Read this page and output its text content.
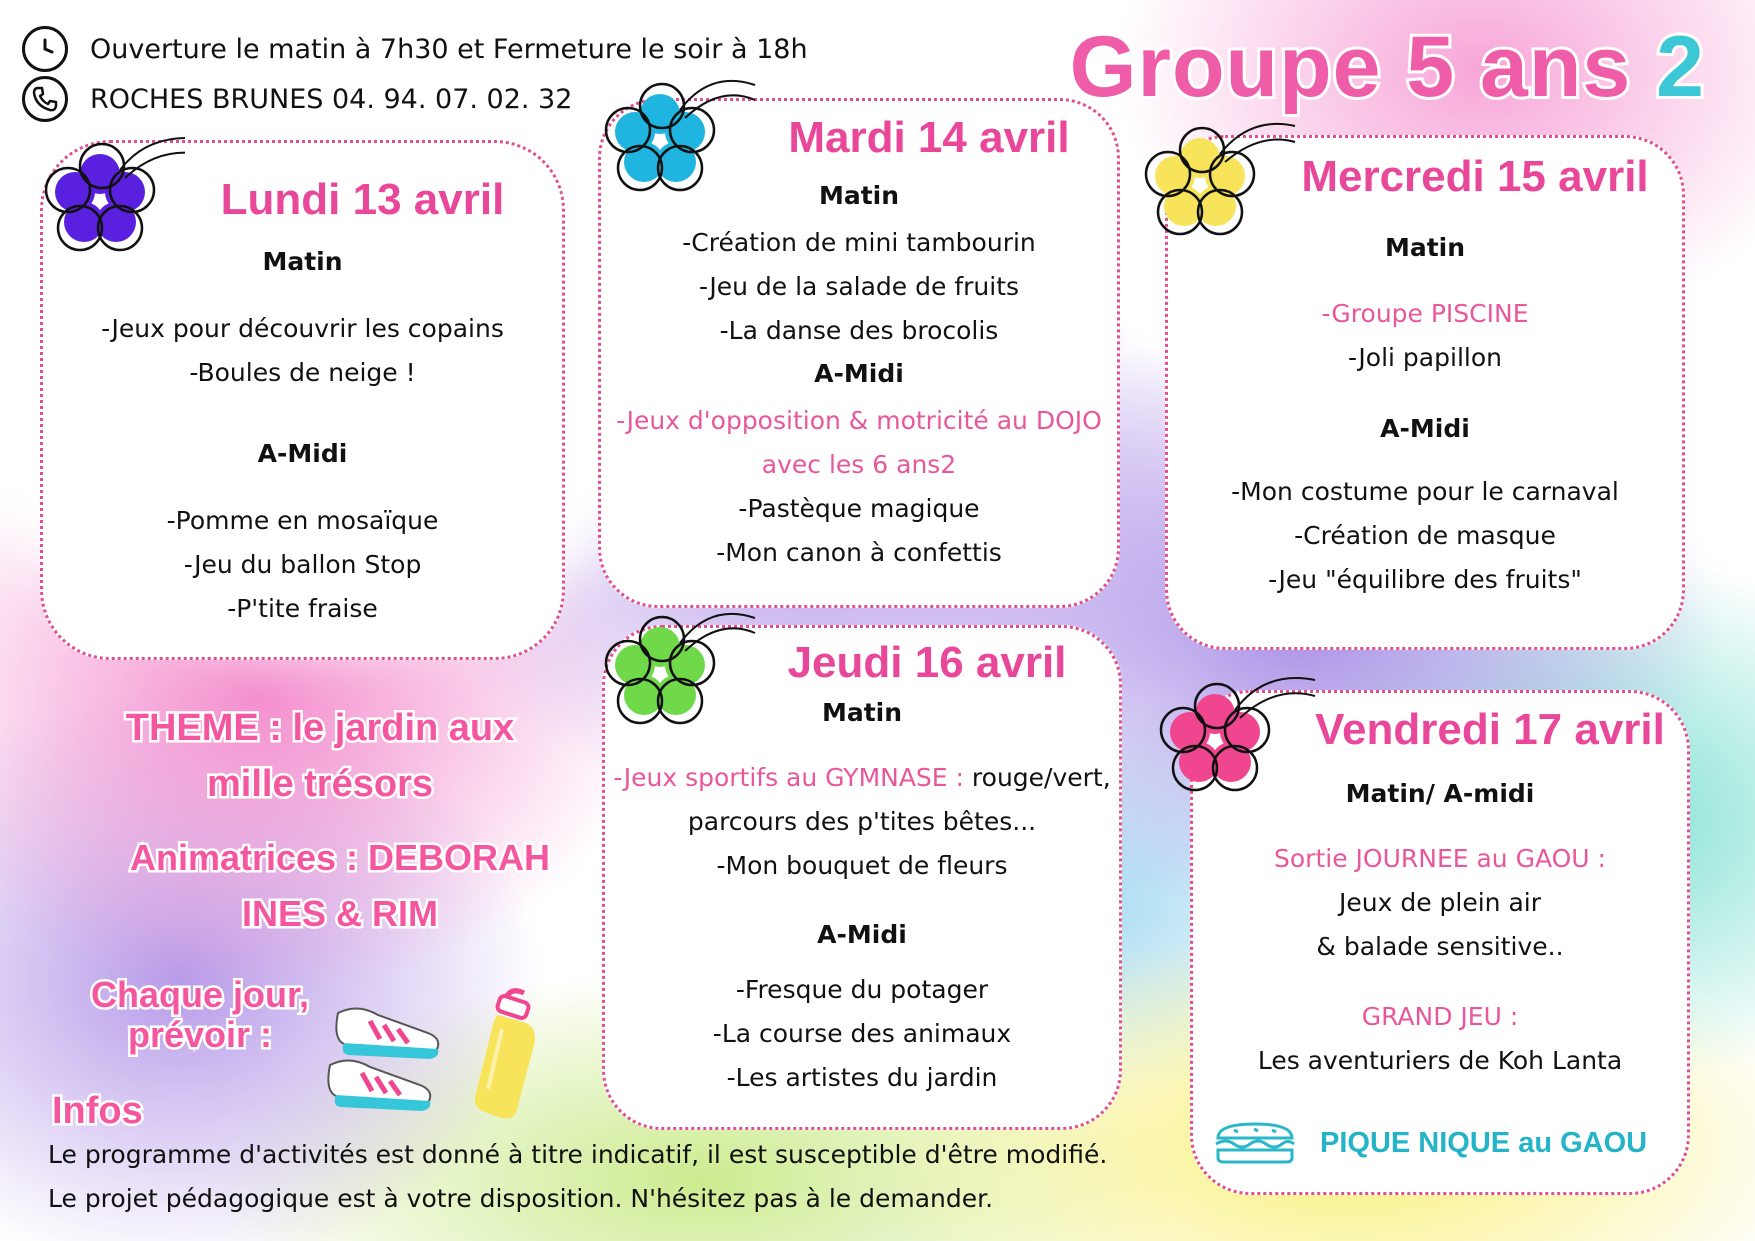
Ouverture le matin à 7h30 et Fermeture le soir à 18h
ROCHES BRUNES 04. 94. 07. 02. 32	Groupe 5 ans 2
Lundi 13 avril
Matin
-Jeux pour découvrir les copains
-Boules de neige !
A-Midi
-Pomme en mosaïque
-Jeu du ballon Stop
-P'tite fraise
Mardi 14 avril
Matin
-Création de mini tambourin
-Jeu de la salade de fruits
-La danse des brocolis
A-Midi
-Jeux d'opposition & motricité au DOJO
avec les 6 ans2
-Pastèque magique
-Mon canon à confettis
Mercredi 15 avril
Matin
-Groupe PISCINE
-Joli papillon
A-Midi
-Mon costume pour le carnaval
-Création de masque
-Jeu "équilibre des fruits"
Jeudi 16 avril
Matin
-Jeux sportifs au GYMNASE : rouge/vert,
parcours des p'tites bêtes...
-Mon bouquet de fleurs
A-Midi
-Fresque du potager
-La course des animaux
-Les artistes du jardin
Vendredi 17 avril
Matin/ A-midi
Sortie JOURNEE au GAOU :
Jeux de plein air
& balade sensitive..
GRAND JEU :
Les aventuriers de Koh Lanta
PIQUE NIQUE au GAOU
THEME : le jardin aux
mille trésors
Animatrices : DEBORAH
INES & RIM
Chaque jour,
prévoir :
Infos
Le programme d'activités est donné à titre indicatif, il est susceptible d'être modifié.
Le projet pédagogique est à votre disposition. N'hésitez pas à le demander.
